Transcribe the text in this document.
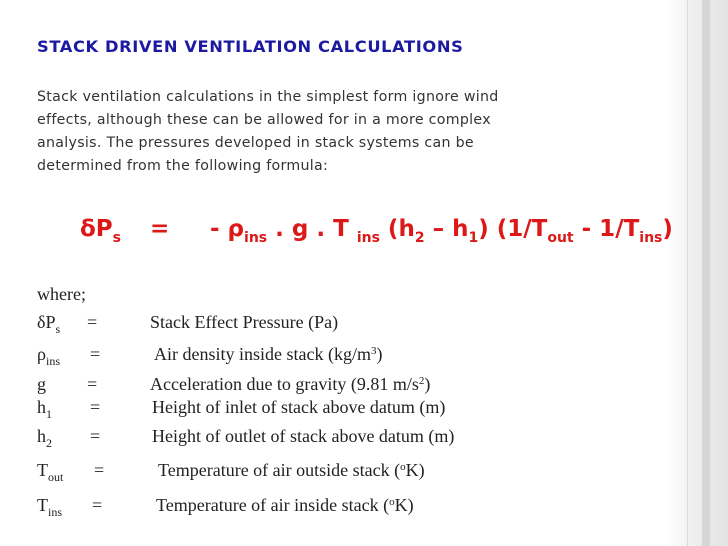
STACK DRIVEN VENTILATION CALCULATIONS
Stack ventilation calculations in the simplest form ignore wind
effects, although these can be allowed for in a more complex
analysis. The pressures developed in stack systems can be
determined from the following formula:
$\delta P_s$ = - $\rho_{ins}$ . g . T $_{ins}$ $(h_2 - h_1)$ $(1/T_{out} - 1/T_{ins})$
where;
$\delta P_s$ =	Stack Effect Pressure (Pa)
$\rho_{ins}$ =	Air density inside stack $(kg/m^3)$
g =	Acceleration due to gravity (9.81 $m/s^2$)
$h_1$ =	Height of inlet of stack above datum (m)
$h_2$ =	Height of outlet of stack above datum (m)
$T_{out}$ =	Temperature of air outside stack ($^o$K)
$T_{ins}$ =	Temperature of air inside stack ($^o$K)
